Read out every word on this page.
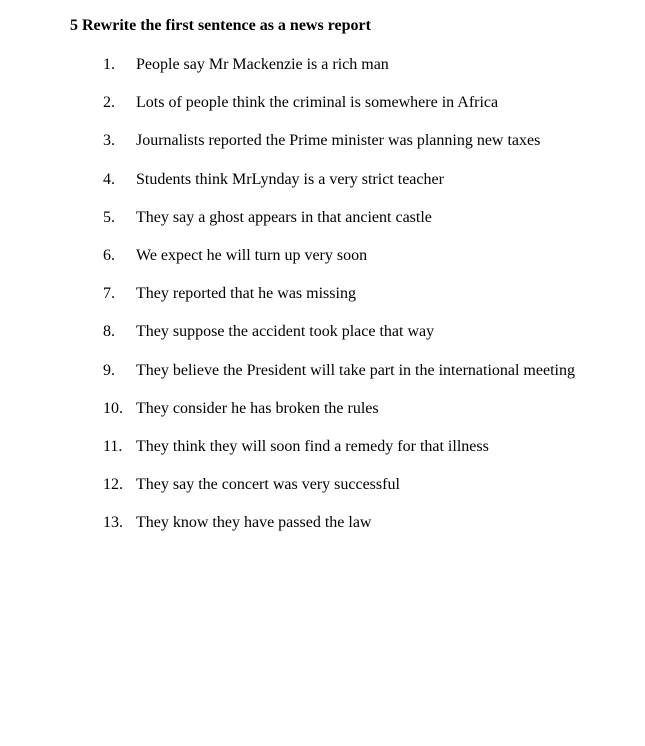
5 Rewrite the first sentence as a news report
1.	People say Mr Mackenzie is a rich man
2.	Lots of people think the criminal is somewhere in Africa
3.	Journalists reported the Prime minister was planning new taxes
4.	Students think MrLynday is a very strict teacher
5.	They say a ghost appears in that ancient castle
6.	We expect he will turn up very soon
7.	They reported that he was missing
8.	They suppose the accident took place that way
9.	They believe the President will take part in the international meeting
10. They consider he has broken the rules
11. They think they will soon find a remedy for that illness
12. They say the concert was very successful
13. They know they have passed the law
